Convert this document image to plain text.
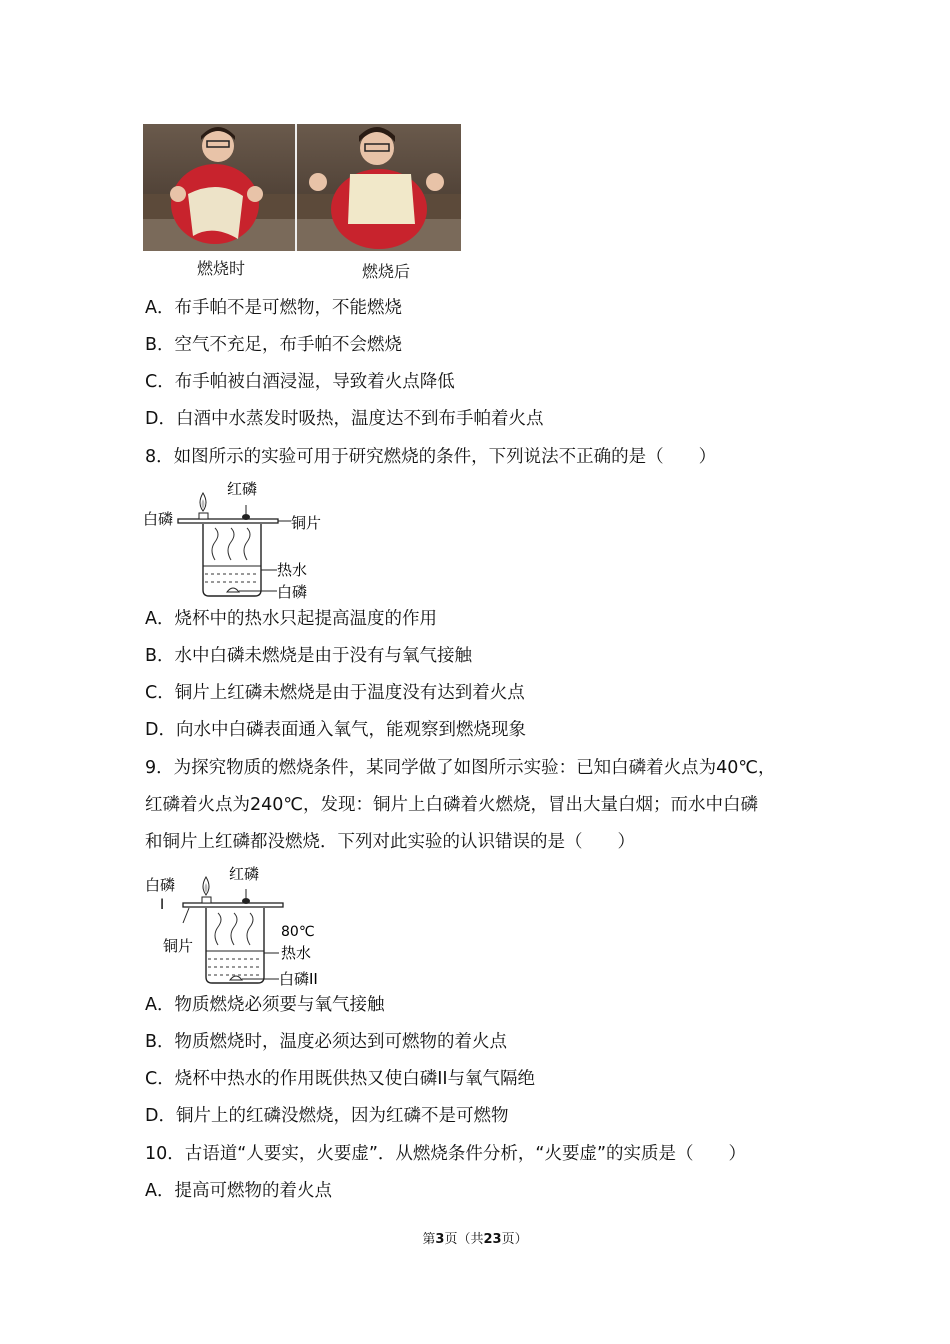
燃烧时	燃烧后
A．布手帕不是可燃物，不能燃烧
B．空气不充足，布手帕不会燃烧
C．布手帕被白酒浸湿，导致着火点降低
D．白酒中水蒸发时吸热，温度达不到布手帕着火点
8．如图所示的实验可用于研究燃烧的条件，下列说法不正确的是（　　）
红磷
白磷	铜片
热水
白磷
A．烧杯中的热水只起提高温度的作用
B．水中白磷未燃烧是由于没有与氧气接触
C．铜片上红磷未燃烧是由于温度没有达到着火点
D．向水中白磷表面通入氧气，能观察到燃烧现象
9．为探究物质的燃烧条件，某同学做了如图所示实验：已知白磷着火点为40℃，
红磷着火点为240℃，发现：铜片上白磷着火燃烧，冒出大量白烟；而水中白磷
和铜片上红磷都没燃烧．下列对此实验的认识错误的是（　　）
红磷
白磷
I
铜片
80℃
热水
白磷II
A．物质燃烧必须要与氧气接触
B．物质燃烧时，温度必须达到可燃物的着火点
C．烧杯中热水的作用既供热又使白磷II与氧气隔绝
D．铜片上的红磷没燃烧，因为红磷不是可燃物
10．古语道“人要实，火要虚”．从燃烧条件分析，“火要虚”的实质是（　　）
A．提高可燃物的着火点
第3页（共23页）
